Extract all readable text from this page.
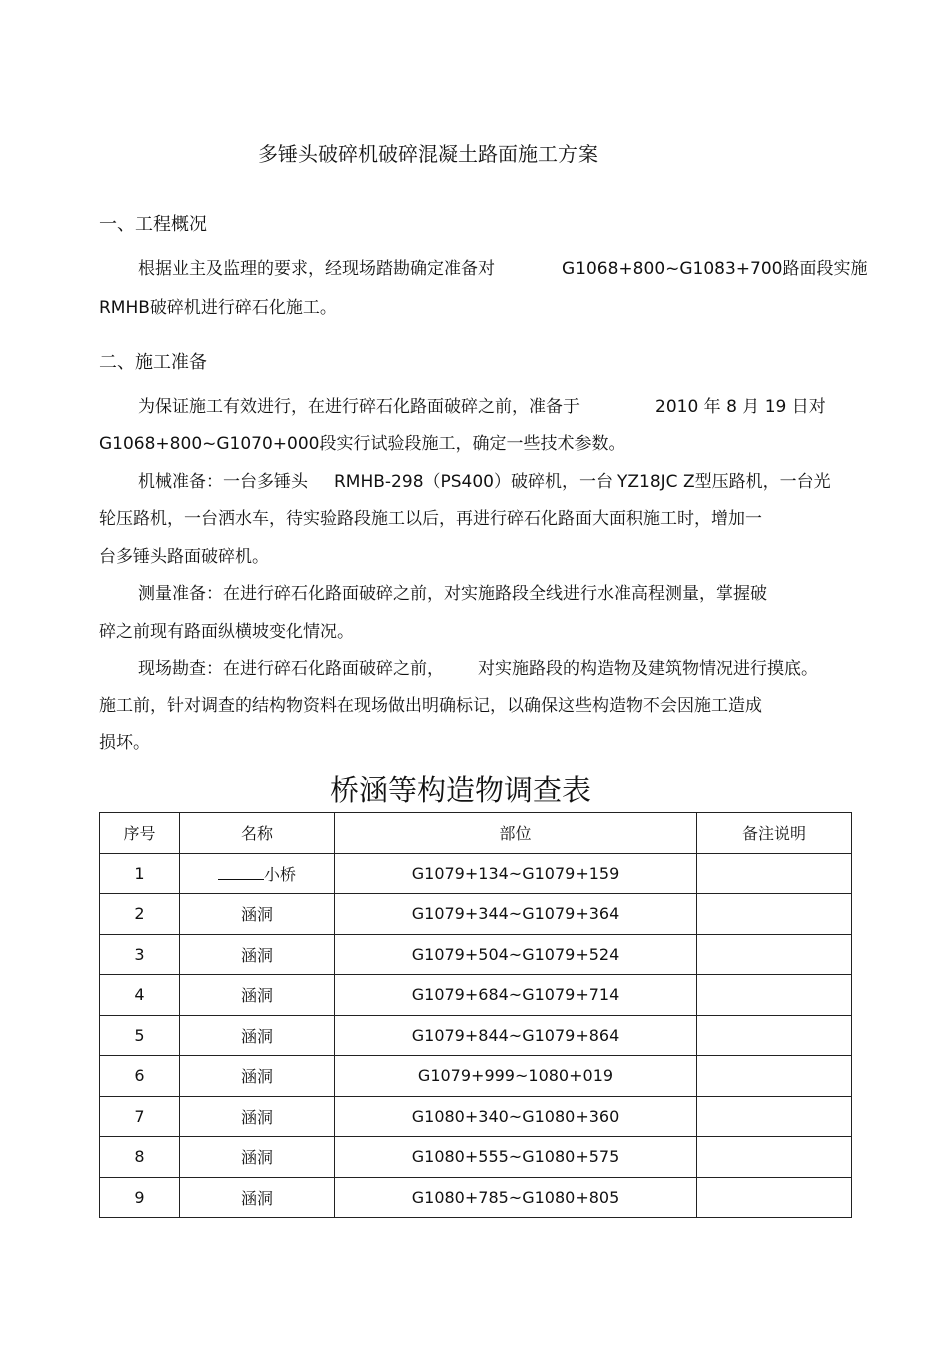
多锤头破碎机破碎混凝土路面施工方案
一、工程概况
根据业主及监理的要求，经现场踏勘确定准备对	G1068+800~G1083+700路面段实施
RMHB破碎机进行碎石化施工。
二、施工准备
为保证施工有效进行，在进行碎石化路面破碎之前，准备于	2010 年 8 月 19 日对
G1068+800~G1070+000段实行试验段施工，确定一些技术参数。
机械准备：一台多锤头 RMHB-298（PS400）破碎机，一台 YZ18JC Z型压路机，一台光
轮压路机，一台洒水车，待实验路段施工以后，再进行碎石化路面大面积施工时，增加一
台多锤头路面破碎机。
测量准备：在进行碎石化路面破碎之前，对实施路段全线进行水准高程测量，掌握破
碎之前现有路面纵横坡变化情况。
现场勘查：在进行碎石化路面破碎之前， 对实施路段的构造物及建筑物情况进行摸底。
施工前，针对调查的结构物资料在现场做出明确标记，以确保这些构造物不会因施工造成
损坏。
桥涵等构造物调查表
序号	名称	部位	备注说明
1	小桥	G1079+134~G1079+159	
2	涵洞	G1079+344~G1079+364	
3	涵洞	G1079+504~G1079+524	
4	涵洞	G1079+684~G1079+714	
5	涵洞	G1079+844~G1079+864	
6	涵洞	G1079+999~1080+019	
7	涵洞	G1080+340~G1080+360	
8	涵洞	G1080+555~G1080+575	
9	涵洞	G1080+785~G1080+805	
